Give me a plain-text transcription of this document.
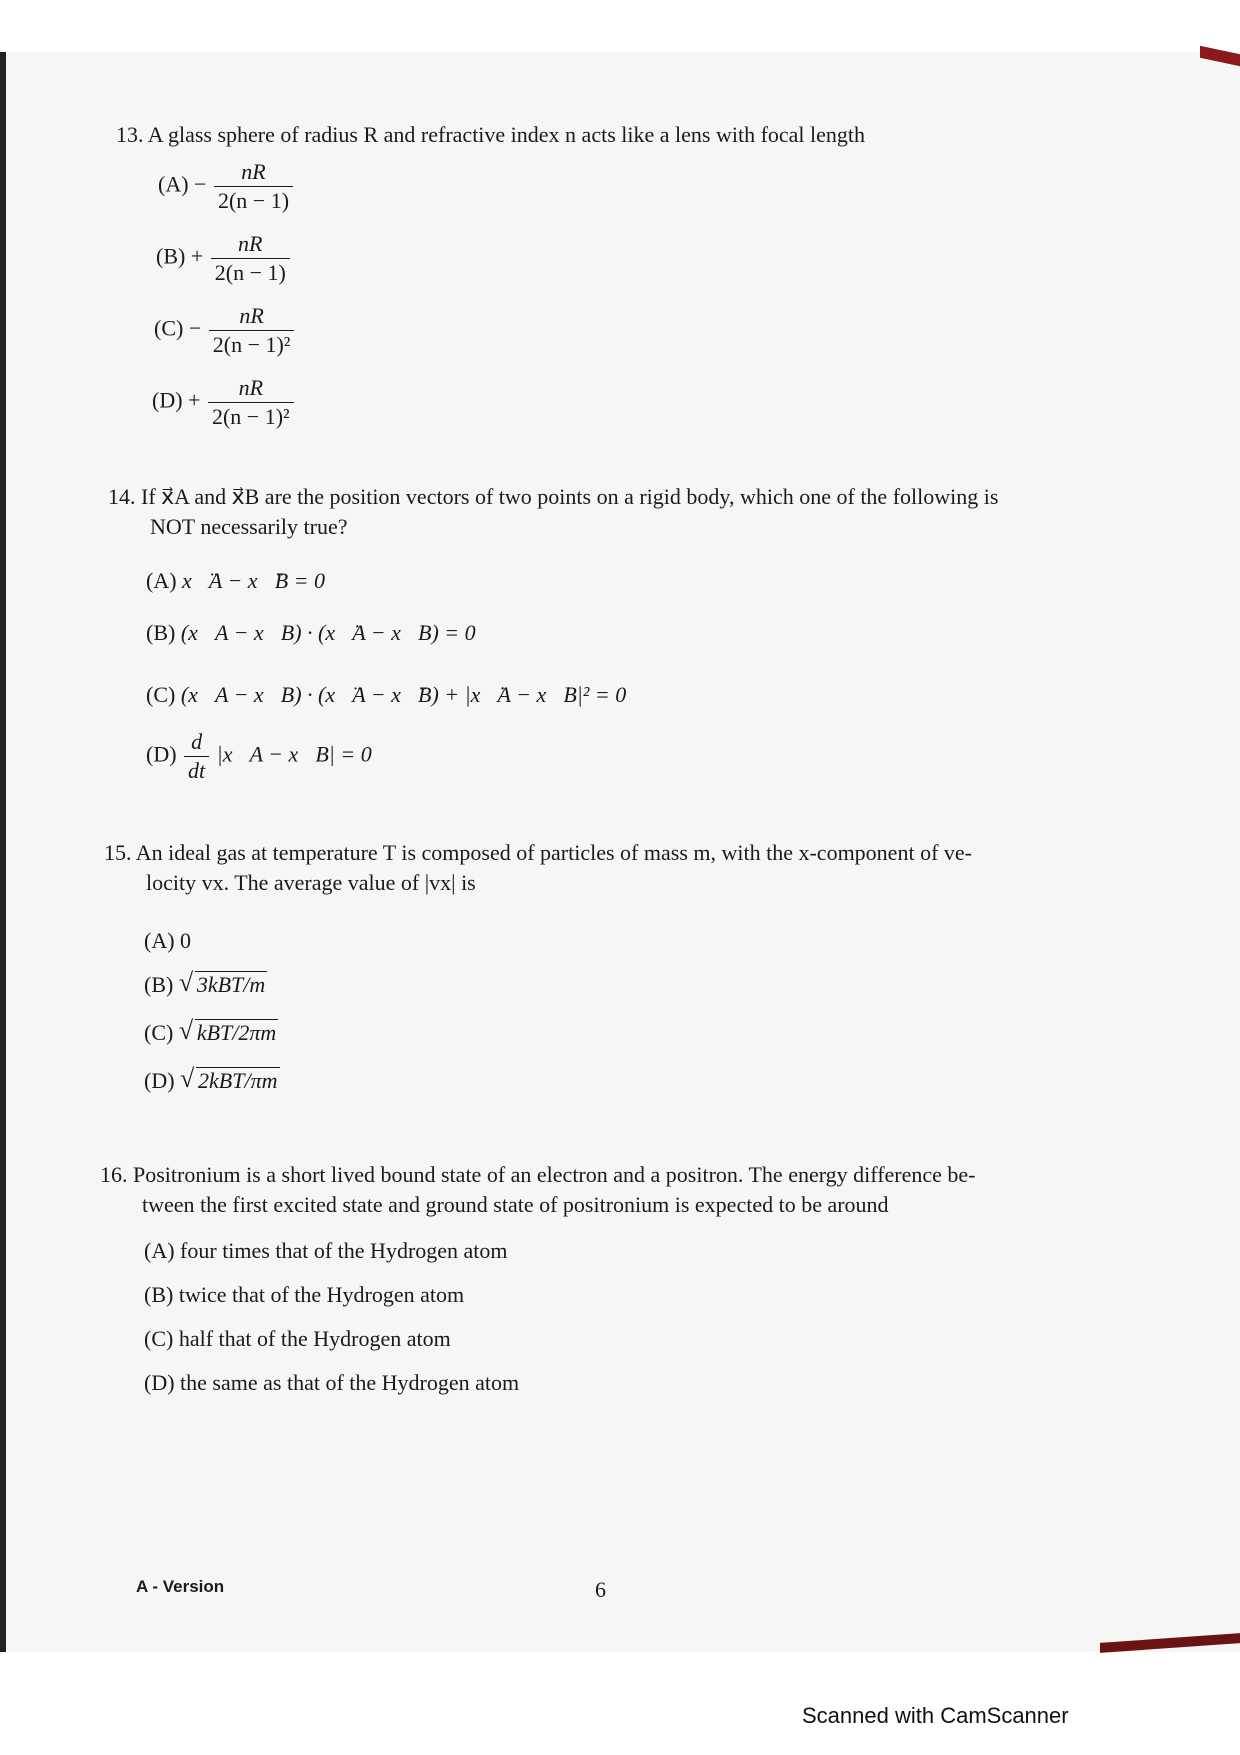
13. A glass sphere of radius R and refractive index n acts like a lens with focal length
$(A) - \frac{nR}{2(n - 1)}$
$(B) + \frac{nR}{2(n - 1)}$
$(C) - \frac{nR}{\text{2(n − 1)²}}$
$(D) + \frac{nR}{\text{2(n − 1)²}}$
14. If x⃗A and x⃗B are the position vectors of two points on a rigid body, which one of the following is
NOT necessarily true?
(A) x⃗̈A − x⃗̈B = 0
(B) (x⃗A − x⃗B) · (x⃗̇A − x⃗̇B) = 0
(C) (x⃗A − x⃗B) · (x⃗̈A − x⃗̈B) + |x⃗̇A − x⃗̇B|² = 0
$(D) \frac{d}{dt}$ |x⃗A − x⃗B| = 0
15. An ideal gas at temperature T is composed of particles of mass m, with the x-component of ve-
locity vx. The average value of |vx| is
(A) 0
(B) √ 3kBT/m
(C) √ kBT/2πm
(D) √ 2kBT/πm
16. Positronium is a short lived bound state of an electron and a positron. The energy difference be-
tween the first excited state and ground state of positronium is expected to be around
(A) four times that of the Hydrogen atom
(B) twice that of the Hydrogen atom
(C) half that of the Hydrogen atom
(D) the same as that of the Hydrogen atom
A - Version	6
Scanned with CamScanner
